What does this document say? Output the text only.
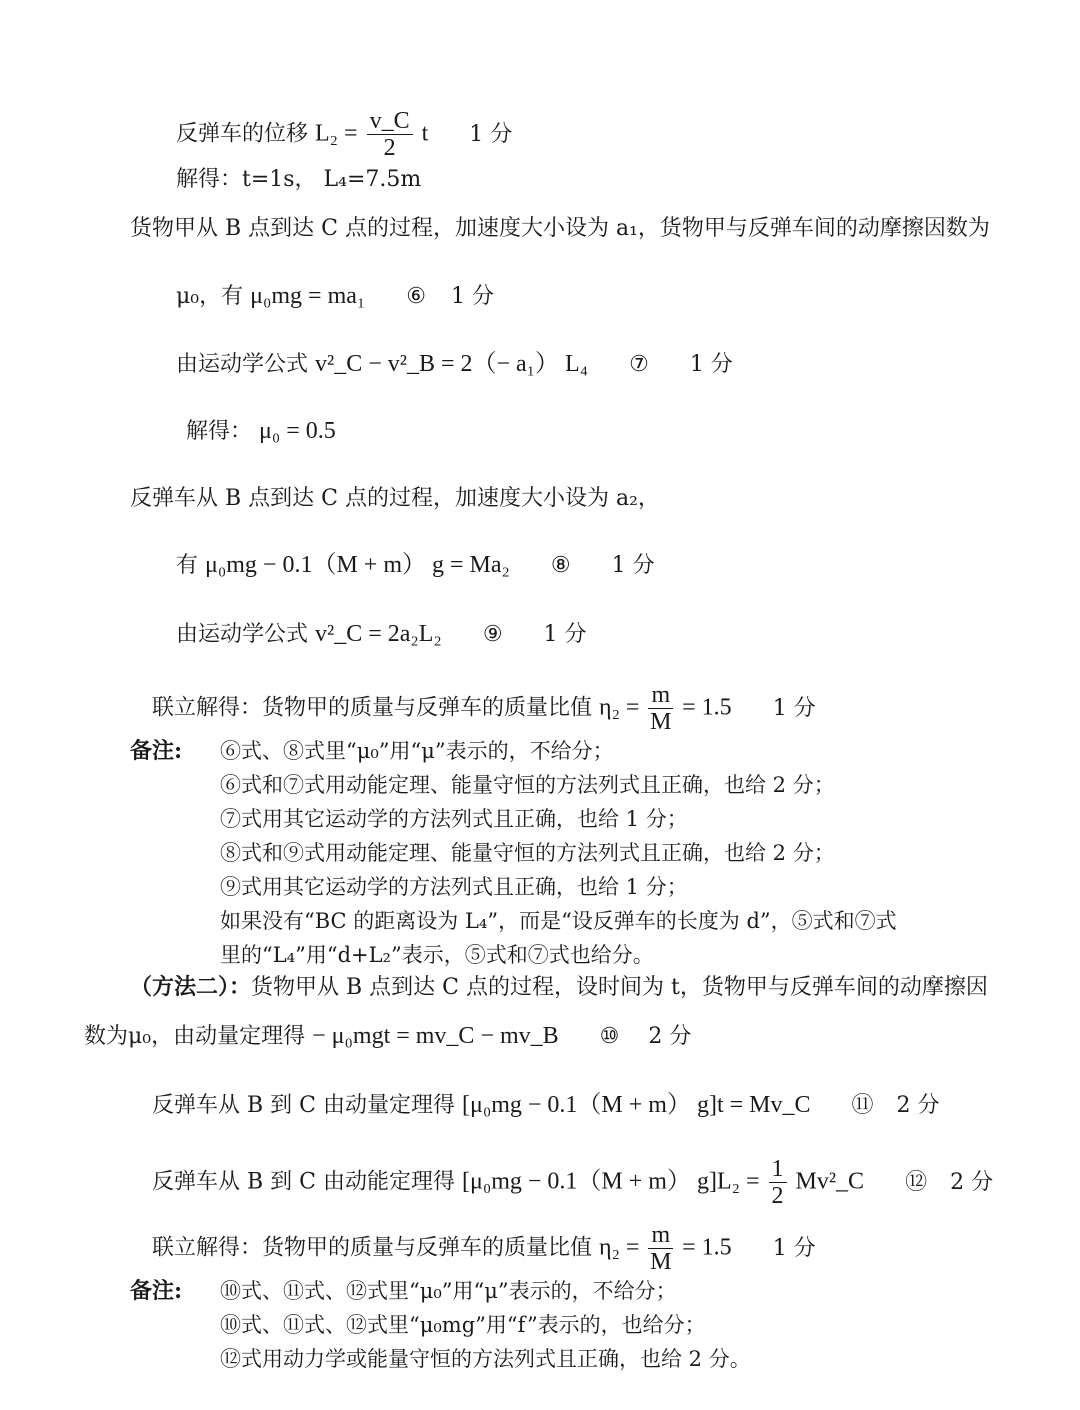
反弹车的位移 $L_2 = \frac{v\_C}{2}$ t 1 分
解得：t=1s， L₄=7.5m
货物甲从 B 点到达 C 点的过程，加速度大小设为 a₁，货物甲与反弹车间的动摩擦因数为
μ₀，有 μ₀mg = ma₁ ⑥ 1 分
由运动学公式 v²_C − v²_B = 2（− a₁） L₄ ⑦ 1 分
解得： μ₀ = 0.5
反弹车从 B 点到达 C 点的过程，加速度大小设为 a₂，
有 μ₀mg − 0.1（M + m） g = Ma₂ ⑧ 1 分
由运动学公式 v²_C = 2a₂L₂ ⑨ 1 分
联立解得：货物甲的质量与反弹车的质量比值 $\eta_2 = \frac{m}{M} = 1.5$ 1 分
备注: ⑥式、⑧式里“μ₀”用“μ”表示的，不给分；
⑥式和⑦式用动能定理、能量守恒的方法列式且正确，也给 2 分；
⑦式用其它运动学的方法列式且正确，也给 1 分；
⑧式和⑨式用动能定理、能量守恒的方法列式且正确，也给 2 分；
⑨式用其它运动学的方法列式且正确，也给 1 分；
如果没有“BC 的距离设为 L₄”，而是“设反弹车的长度为 d”，⑤式和⑦式
里的“L₄”用“d+L₂”表示，⑤式和⑦式也给分。
（方法二）：货物甲从 B 点到达 C 点的过程，设时间为 t，货物甲与反弹车间的动摩擦因
数为μ₀，由动量定理得 − μ₀mgt = mv_C − mv_B ⑩ 2 分
反弹车从 B 到 C 由动量定理得 [μ₀mg − 0.1（M + m） g]t = Mv_C ⑪ 2 分
反弹车从 B 到 C 由动能定理得 [μ₀mg − 0.1（M + m） $g]L_2 = \frac{1}{2}$ Mv²_C ⑫ 2 分
联立解得：货物甲的质量与反弹车的质量比值 $\eta_2 = \frac{m}{M} = 1.5$ 1 分
备注: ⑩式、⑪式、⑫式里“μ₀”用“μ”表示的，不给分；
⑩式、⑪式、⑫式里“μ₀mg”用“f”表示的，也给分；
⑫式用动力学或能量守恒的方法列式且正确，也给 2 分。
